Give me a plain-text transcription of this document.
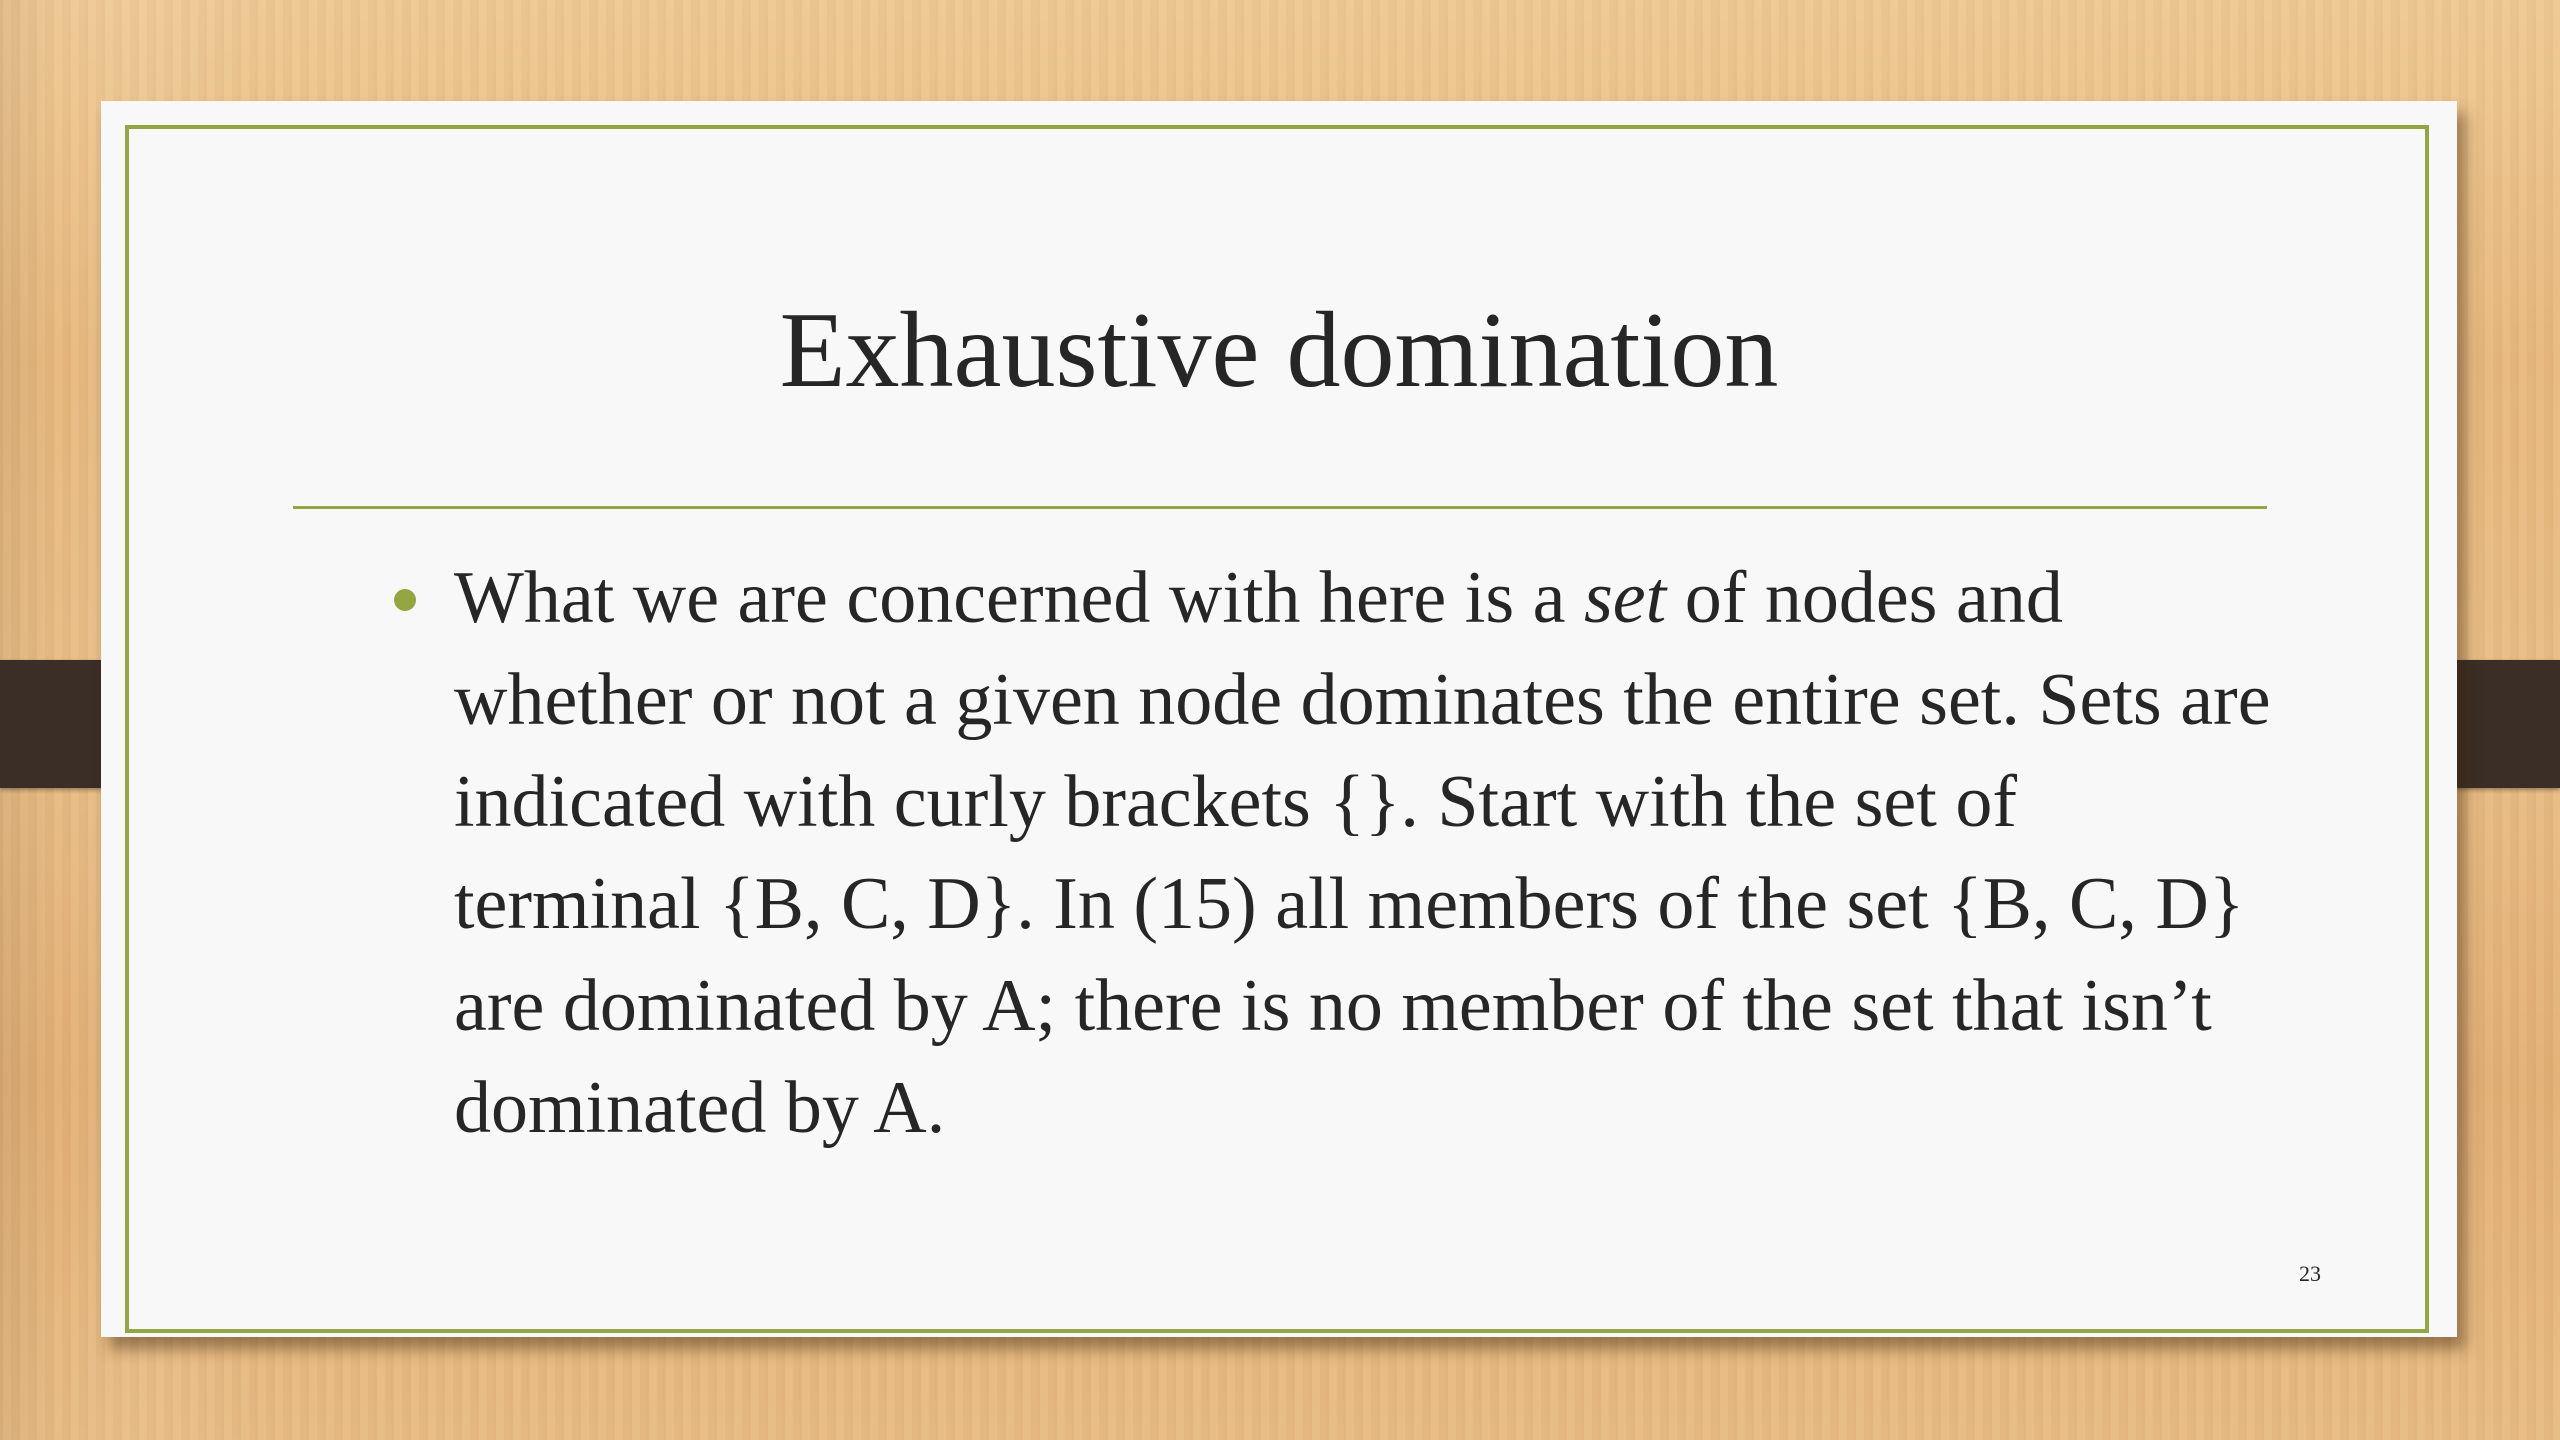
Exhaustive domination
What we are concerned with here is a set of nodes and whether or not a given node dominates the entire set. Sets are indicated with curly brackets {}. Start with the set of terminal {B, C, D}. In (15) all members of the set {B, C, D} are dominated by A; there is no member of the set that isn’t dominated by A.
23
